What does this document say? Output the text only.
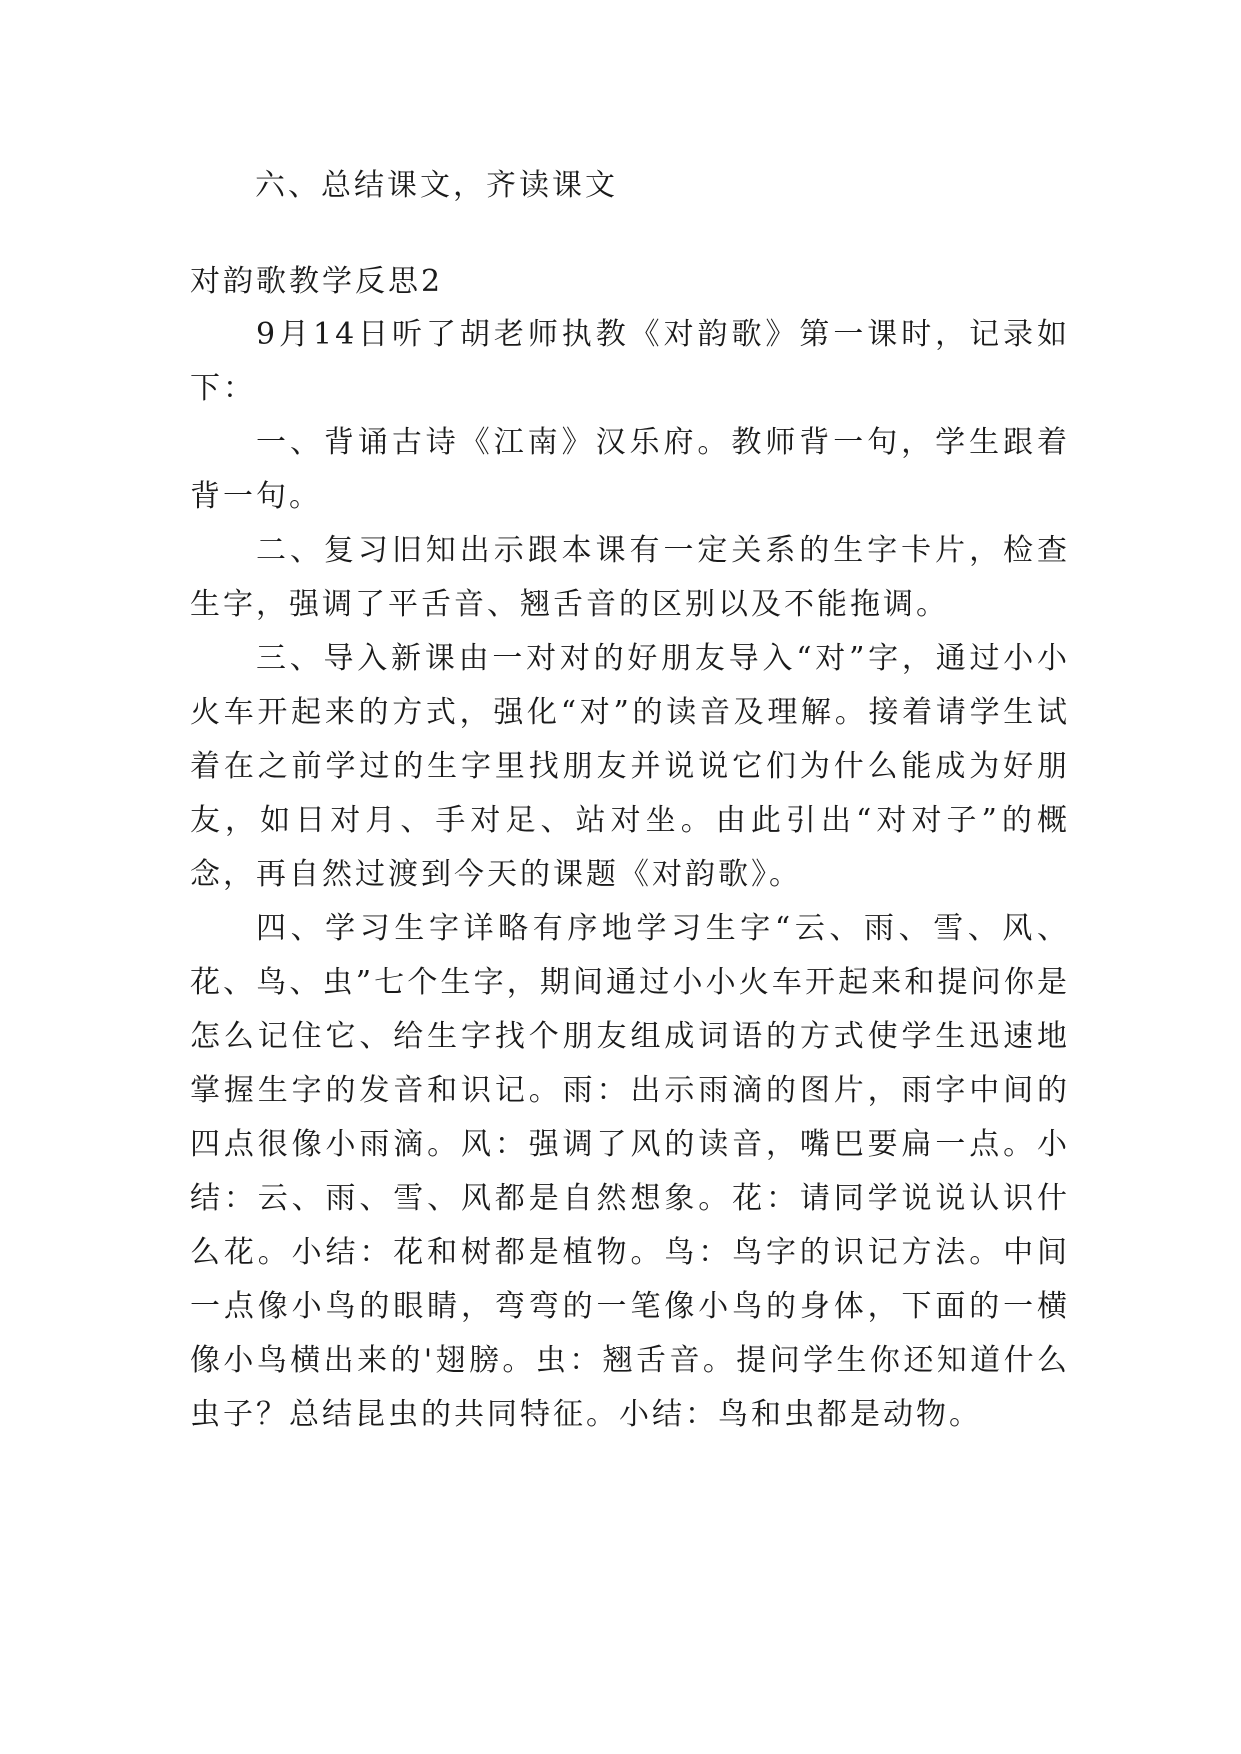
六、总结课文，齐读课文
对韵歌教学反思2
9月14日听了胡老师执教《对韵歌》第一课时，记录如下：
一、背诵古诗《江南》汉乐府。教师背一句，学生跟着背一句。
二、复习旧知出示跟本课有一定关系的生字卡片，检查生字，强调了平舌音、翘舌音的区别以及不能拖调。
三、导入新课由一对对的好朋友导入“对”字，通过小小火车开起来的方式，强化“对”的读音及理解。接着请学生试着在之前学过的生字里找朋友并说说它们为什么能成为好朋友，如日对月、手对足、站对坐。由此引出“对对子”的概念，再自然过渡到今天的课题《对韵歌》。
四、学习生字详略有序地学习生字“云、雨、雪、风、花、鸟、虫”七个生字，期间通过小小火车开起来和提问你是怎么记住它、给生字找个朋友组成词语的方式使学生迅速地掌握生字的发音和识记。雨：出示雨滴的图片，雨字中间的四点很像小雨滴。风：强调了风的读音，嘴巴要扁一点。小结：云、雨、雪、风都是自然想象。花：请同学说说认识什么花。小结：花和树都是植物。鸟：鸟字的识记方法。中间一点像小鸟的眼睛，弯弯的一笔像小鸟的身体，下面的一横像小鸟横出来的'翅膀。虫：翘舌音。提问学生你还知道什么虫子？总结昆虫的共同特征。小结：鸟和虫都是动物。
